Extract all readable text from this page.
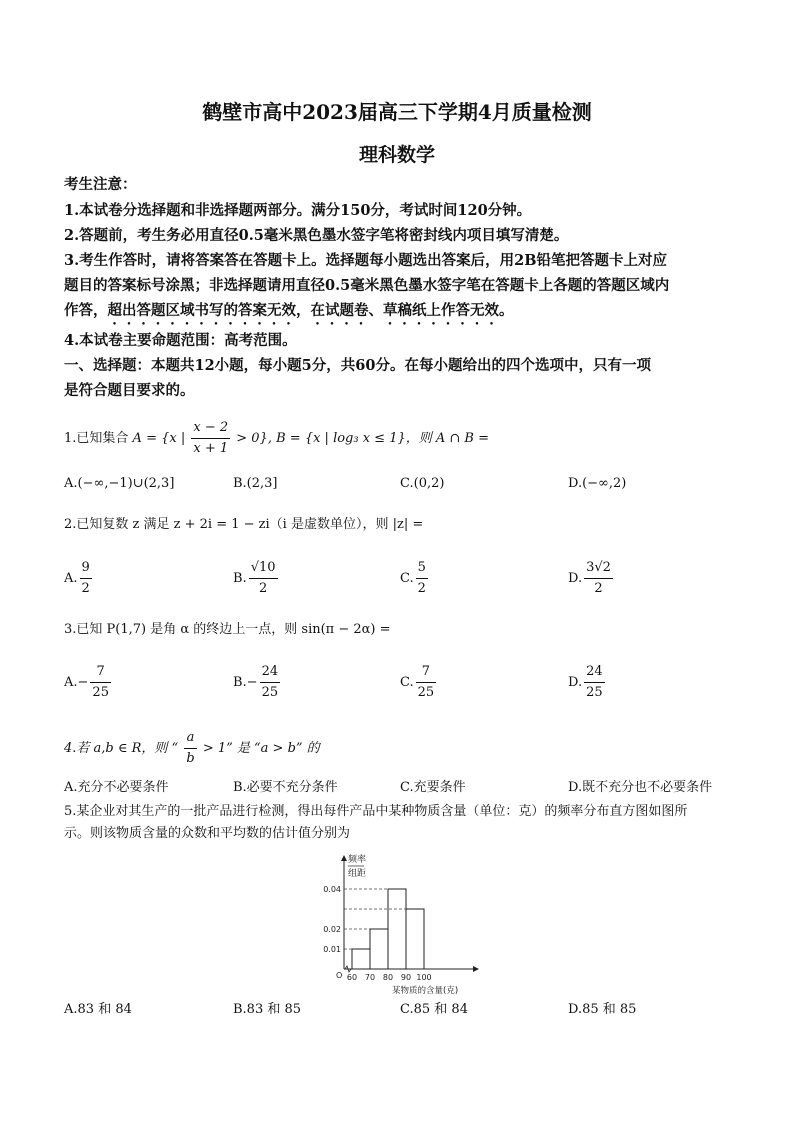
鹤壁市高中2023届高三下学期4月质量检测
理科数学
考生注意：
1.本试卷分选择题和非选择题两部分。满分150分，考试时间120分钟。
2.答题前，考生务必用直径0.5毫米黑色墨水签字笔将密封线内项目填写清楚。
3.考生作答时，请将答案答在答题卡上。选择题每小题选出答案后，用2B铅笔把答题卡上对应
题目的答案标号涂黑；非选择题请用直径0.5毫米黑色墨水签字笔在答题卡上各题的答题区域内
作答，超出答题区域书写的答案无效，在试题卷、草稿纸上作答无效。
4.本试卷主要命题范围：高考范围。
一、选择题：本题共12小题，每小题5分，共60分。在每小题给出的四个选项中，只有一项
是符合题目要求的。
1.已知集合 A = {x | $\frac{x - 2}{x + 1} > 0$}, B = {x | log₃ x ≤ 1}，则 A ∩ B =
A.(−∞,−1)∪(2,3]	B.(2,3]	C.(0,2)	D.(−∞,2)
2.已知复数 z 满足 z + 2i = 1 − zi（i 是虚数单位），则 |z| =
A. $\frac{9}{2}$	B. $\frac{√10}{2}$	C. $\frac{5}{2}$	D. $\frac{3√2}{2}$
3.已知 P(1,7) 是角 α 的终边上一点，则 sin(π − 2α) =
$A.- \frac{7}{25}$	$B.- \frac{24}{25}$	C. $\frac{7}{25}$	D. $\frac{24}{25}$
4.若 a,b ∈ R，则 “ $\frac{a}{b} > 1$” 是 “a > b” 的
A.充分不必要条件	B.必要不充分条件	C.充要条件	D.既不充分也不必要条件
5.某企业对其生产的一批产品进行检测，得出每件产品中某种物质含量（单位：克）的频率分布直方图如图所
示。则该物质含量的众数和平均数的估计值分别为
频率
组距
某物质的含量(克)
O
0.01
0.02
0.04
60 70 80 90 100
A.83 和 84	B.83 和 85	C.85 和 84	D.85 和 85
